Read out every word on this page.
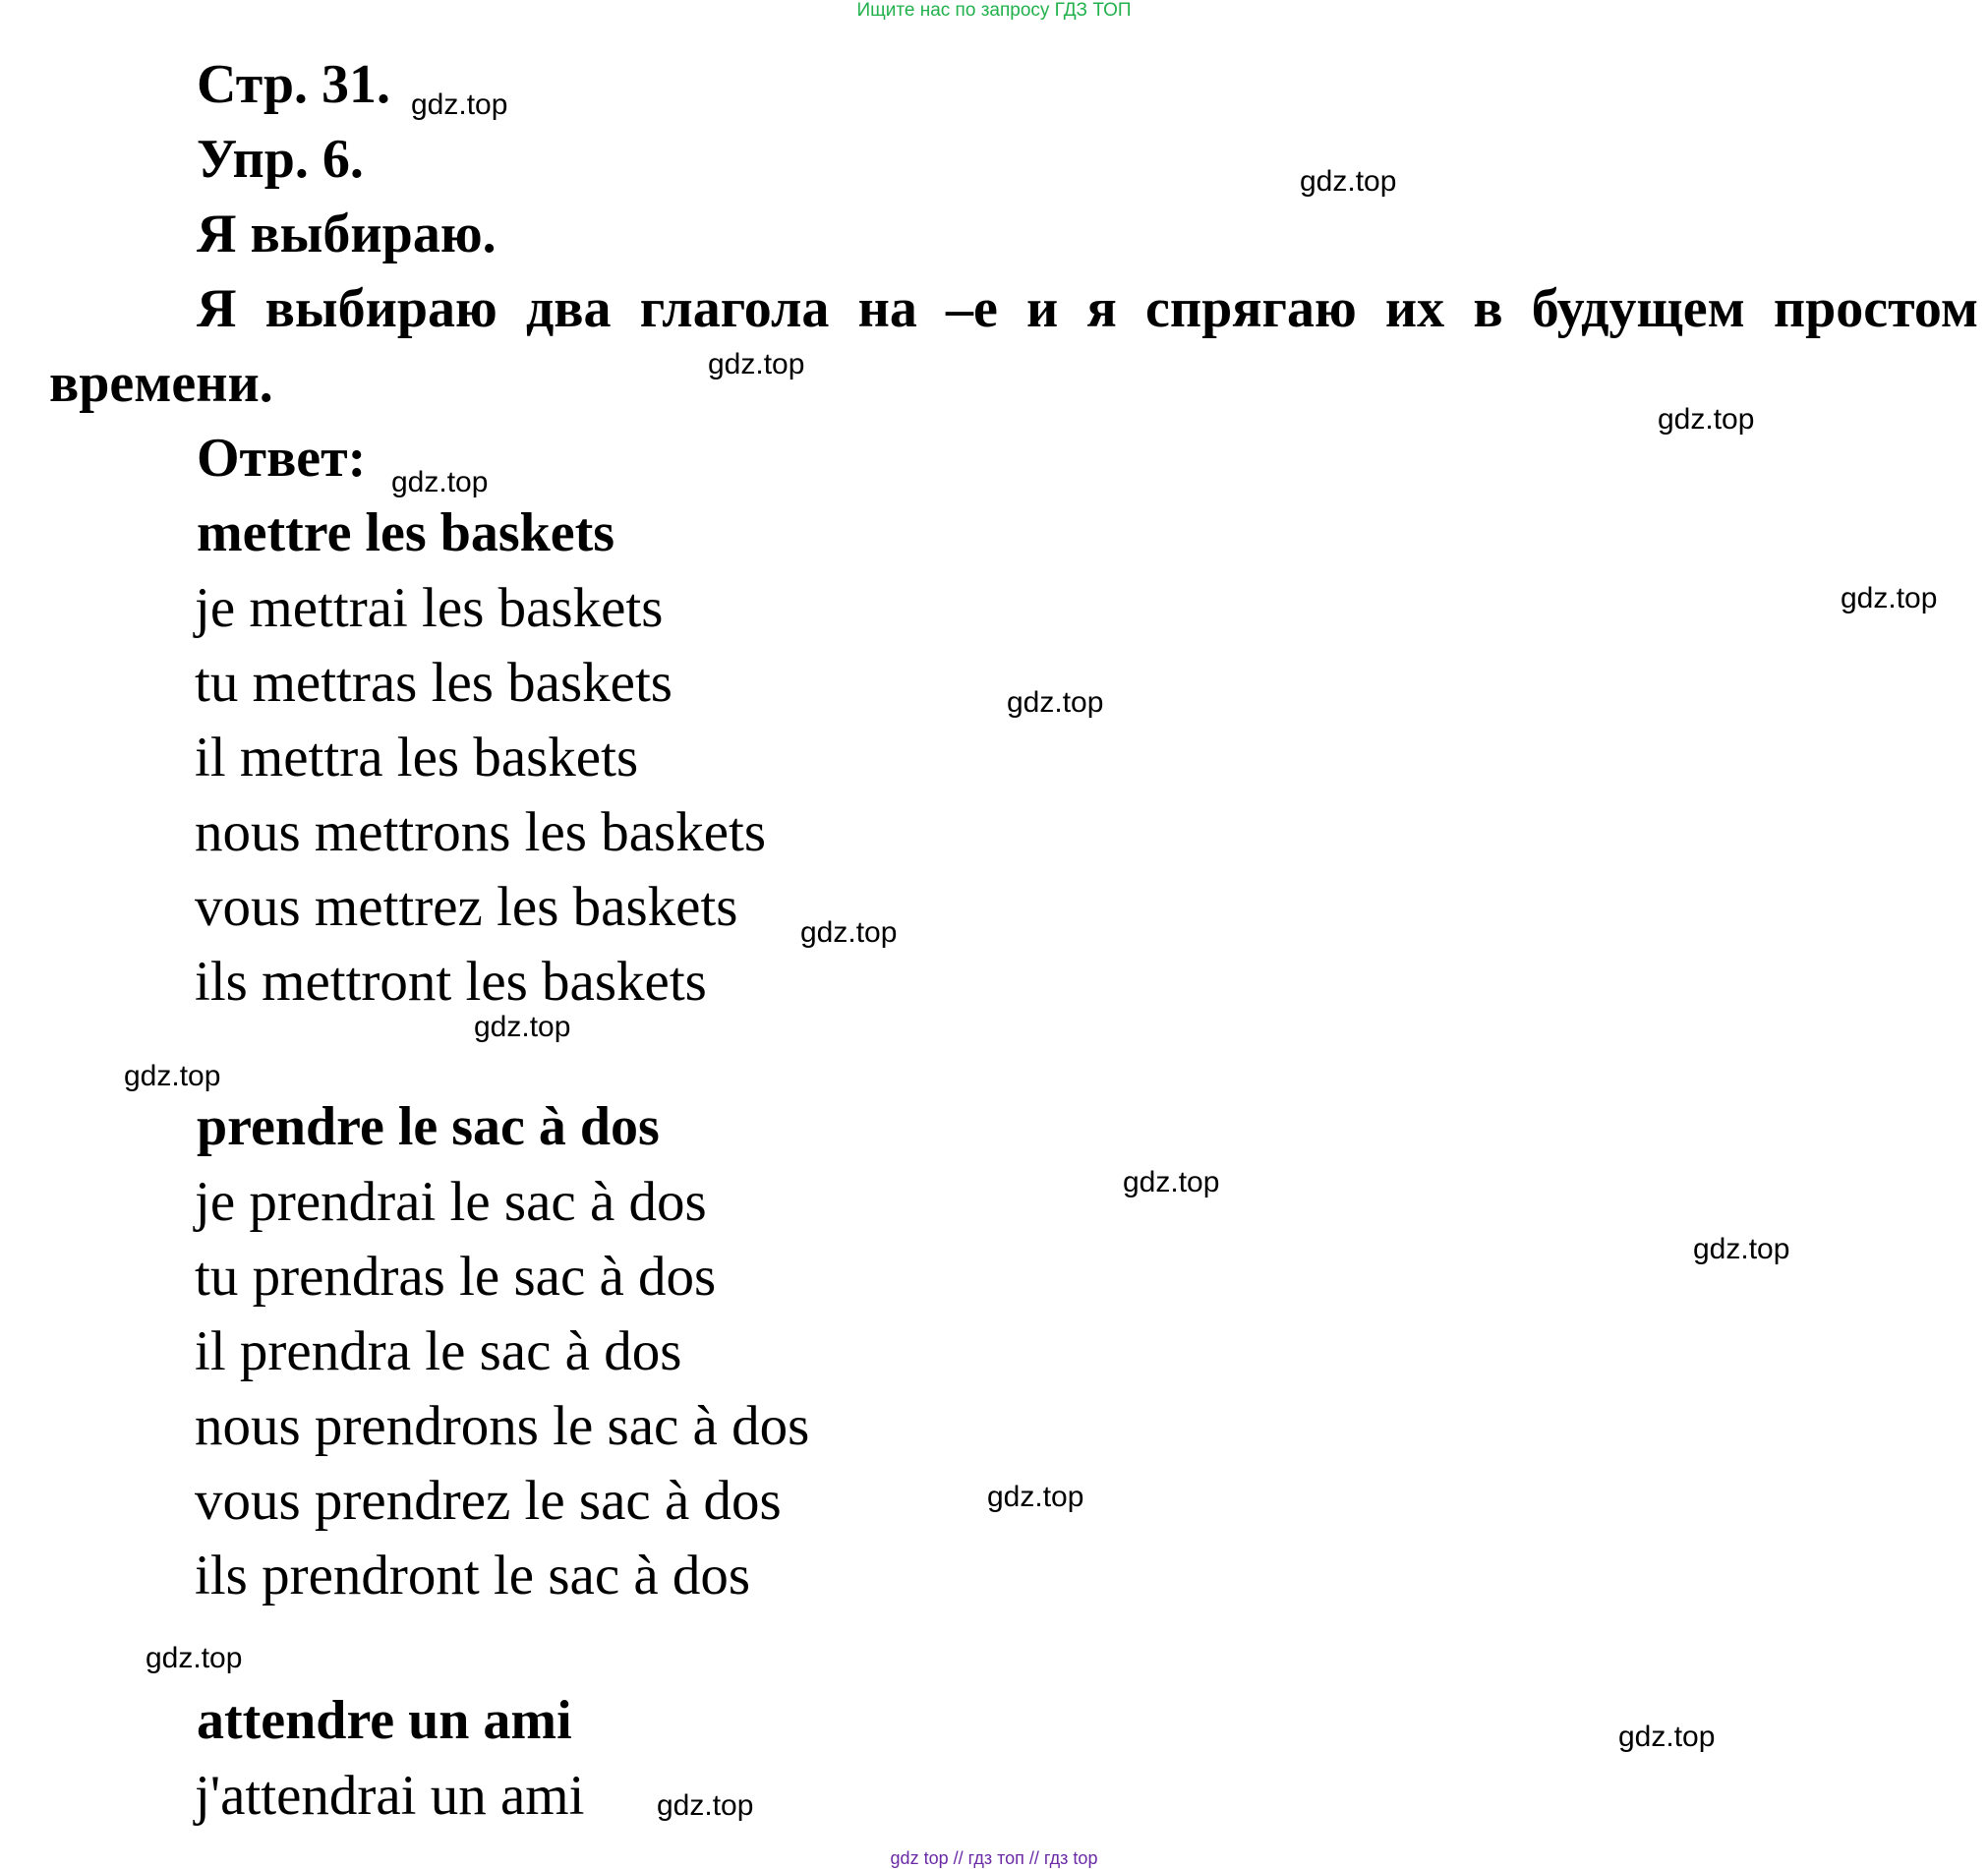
Ищите нас по запросу ГДЗ ТОП
Стр. 31.
Упр. 6.
Я выбираю.
Я выбираю два глагола на –е и я спрягаю их в будущем простом
времени.
Ответ:
mettre les baskets
je mettrai les baskets
tu mettras les baskets
il mettra les baskets
nous mettrons les baskets
vous mettrez les baskets
ils mettront les baskets
prendre le sac à dos
je prendrai le sac à dos
tu prendras le sac à dos
il prendra le sac à dos
nous prendrons le sac à dos
vous prendrez le sac à dos
ils prendront le sac à dos
attendre un ami
j'attendrai un ami
gdz.top
gdz.top
gdz.top
gdz.top
gdz.top
gdz.top
gdz.top
gdz.top
gdz.top
gdz.top
gdz.top
gdz.top
gdz.top
gdz.top
gdz.top
gdz.top
gdz top // гдз топ // гдз top
